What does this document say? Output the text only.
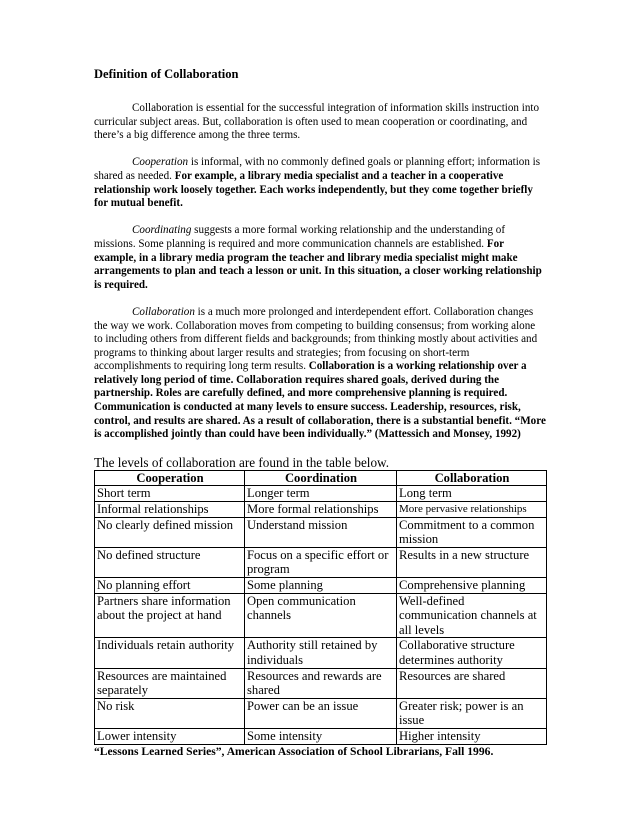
Definition of Collaboration

Collaboration is essential for the successful integration of information skills instruction into curricular subject areas. But, collaboration is often used to mean cooperation or coordinating, and there’s a big difference among the three terms.

Cooperation is informal, with no commonly defined goals or planning effort; information is shared as needed. For example, a library media specialist and a teacher in a cooperative relationship work loosely together. Each works independently, but they come together briefly for mutual benefit.

Coordinating suggests a more formal working relationship and the understanding of missions. Some planning is required and more communication channels are established. For example, in a library media program the teacher and library media specialist might make arrangements to plan and teach a lesson or unit. In this situation, a closer working relationship is required.

Collaboration is a much more prolonged and interdependent effort. Collaboration changes the way we work. Collaboration moves from competing to building consensus; from working alone to including others from different fields and backgrounds; from thinking mostly about activities and programs to thinking about larger results and strategies; from focusing on short-term accomplishments to requiring long term results. Collaboration is a working relationship over a relatively long period of time. Collaboration requires shared goals, derived during the partnership. Roles are carefully defined, and more comprehensive planning is required. Communication is conducted at many levels to ensure success. Leadership, resources, risk, control, and results are shared. As a result of collaboration, there is a substantial benefit. “More is accomplished jointly than could have been individually.” (Mattessich and Monsey, 1992)

The levels of collaboration are found in the table below.
Cooperation	Coordination	Collaboration
Short term	Longer term	Long term
Informal relationships	More formal relationships	More pervasive relationships
No clearly defined mission	Understand mission	Commitment to a common mission
No defined structure	Focus on a specific effort or program	Results in a new structure
No planning effort	Some planning	Comprehensive planning
Partners share information about the project at hand	Open communication channels	Well-defined communication channels at all levels
Individuals retain authority	Authority still retained by individuals	Collaborative structure determines authority
Resources are maintained separately	Resources and rewards are shared	Resources are shared
No risk	Power can be an issue	Greater risk; power is an issue
Lower intensity	Some intensity	Higher intensity
“Lessons Learned Series”, American Association of School Librarians, Fall 1996.
